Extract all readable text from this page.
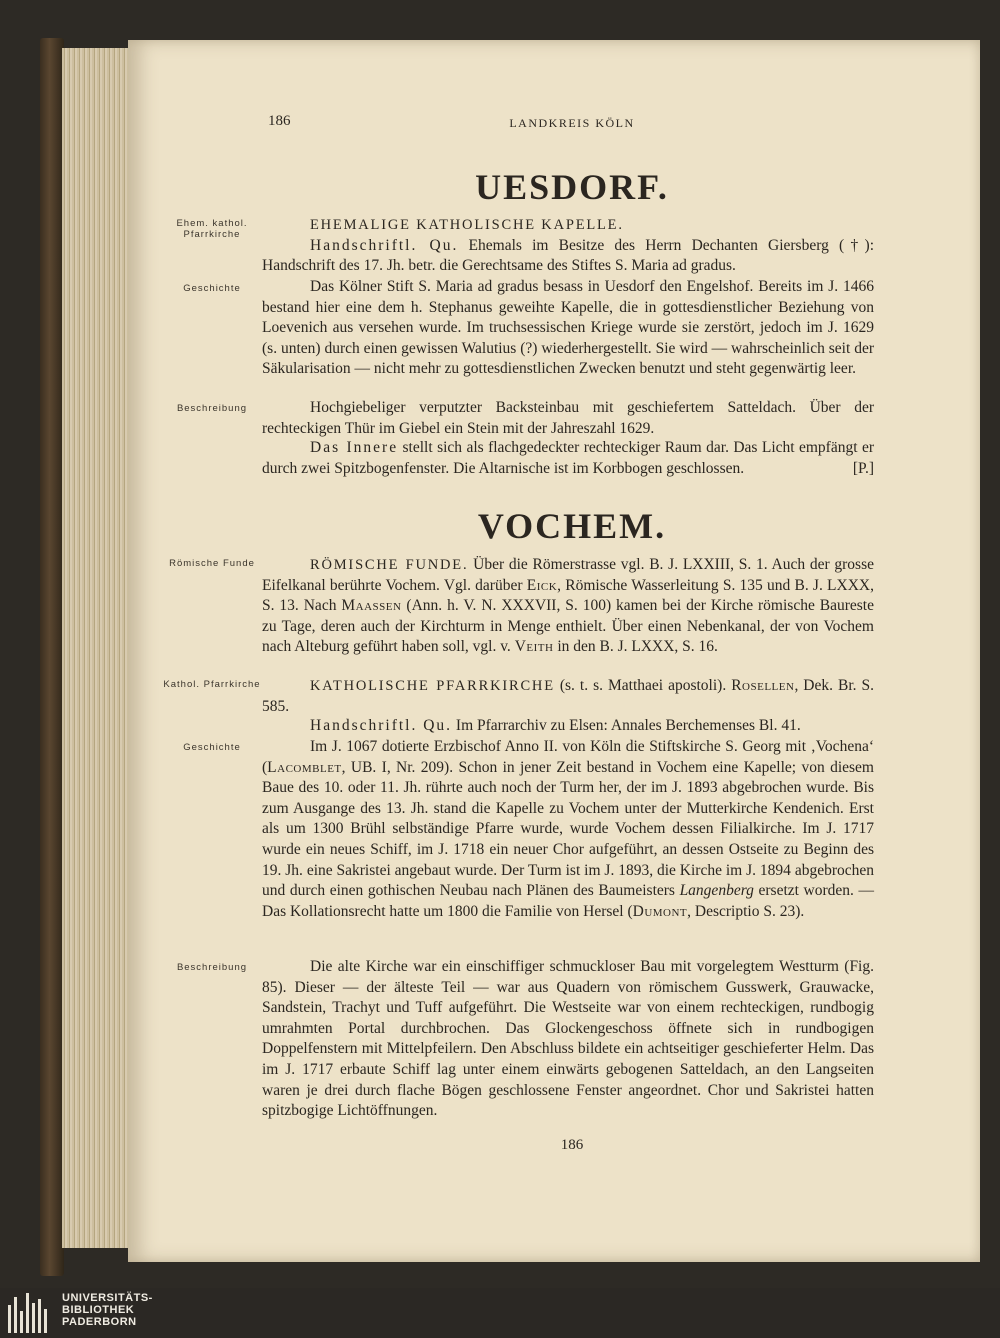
186	LANDKREIS KÖLN
UESDORF.
Ehem. kathol. Pfarrkirche

EHEMALIGE KATHOLISCHE KAPELLE.
Handschriftl. Qu. Ehemals im Besitze des Herrn Dechanten Giersberg (†): Handschrift des 17. Jh. betr. die Gerechtsame des Stiftes S. Maria ad gradus.

Geschichte	Das Kölner Stift S. Maria ad gradus besass in Uesdorf den Engelshof. Bereits im J. 1466 bestand hier eine dem h. Stephanus geweihte Kapelle, die in gottesdienstlicher Beziehung von Loevenich aus versehen wurde. Im truchsessischen Kriege wurde sie zerstört, jedoch im J. 1629 (s. unten) durch einen gewissen Walutius (?) wiederhergestellt. Sie wird — wahrscheinlich seit der Säkularisation — nicht mehr zu gottesdienstlichen Zwecken benutzt und steht gegenwärtig leer.

Beschreibung	Hochgiebeliger verputzter Backsteinbau mit geschiefertem Satteldach. Über der rechteckigen Thür im Giebel ein Stein mit der Jahreszahl 1629.

Das Innere stellt sich als flachgedeckter rechteckiger Raum dar. Das Licht empfängt er durch zwei Spitzbogenfenster. Die Altarnische ist im Korbbogen geschlossen.	[P.]

VOCHEM.
Römische Funde	RÖMISCHE FUNDE. Über die Römerstrasse vgl. B. J. LXXIII, S. 1. Auch der grosse Eifelkanal berührte Vochem. Vgl. darüber Eick, Römische Wasserleitung S. 135 und B. J. LXXX, S. 13. Nach Maassen (Ann. h. V. N. XXXVII, S. 100) kamen bei der Kirche römische Baureste zu Tage, deren auch der Kirchturm in Menge enthielt. Über einen Nebenkanal, der von Vochem nach Alteburg geführt haben soll, vgl. v. Veith in den B. J. LXXX, S. 16.

Kathol. Pfarrkirche	KATHOLISCHE PFARRKIRCHE (s. t. s. Matthaei apostoli). Rosellen, Dek. Br. S. 585.

Handschriftl. Qu. Im Pfarrarchiv zu Elsen: Annales Berchemenses Bl. 41.

Geschichte	Im J. 1067 dotierte Erzbischof Anno II. von Köln die Stiftskirche S. Georg mit ‚Vochena‘ (Lacomblet, UB. I, Nr. 209). Schon in jener Zeit bestand in Vochem eine Kapelle; von diesem Baue des 10. oder 11. Jh. rührte auch noch der Turm her, der im J. 1893 abgebrochen wurde. Bis zum Ausgange des 13. Jh. stand die Kapelle zu Vochem unter der Mutterkirche Kendenich. Erst als um 1300 Brühl selbständige Pfarre wurde, wurde Vochem dessen Filialkirche. Im J. 1717 wurde ein neues Schiff, im J. 1718 ein neuer Chor aufgeführt, an dessen Ostseite zu Beginn des 19. Jh. eine Sakristei angebaut wurde. Der Turm ist im J. 1893, die Kirche im J. 1894 abgebrochen und durch einen gothischen Neubau nach Plänen des Baumeisters Langenberg ersetzt worden. — Das Kollationsrecht hatte um 1800 die Familie von Hersel (Dumont, Descriptio S. 23).

Beschreibung	Die alte Kirche war ein einschiffiger schmuckloser Bau mit vorgelegtem Westturm (Fig. 85). Dieser — der älteste Teil — war aus Quadern von römischem Gusswerk, Grauwacke, Sandstein, Trachyt und Tuff aufgeführt. Die Westseite war von einem rechteckigen, rundbogig umrahmten Portal durchbrochen. Das Glockengeschoss öffnete sich in rundbogigen Doppelfenstern mit Mittelpfeilern. Den Abschluss bildete ein achtseitiger geschieferter Helm. Das im J. 1717 erbaute Schiff lag unter einem einwärts gebogenen Satteldach, an den Langseiten waren je drei durch flache Bögen geschlossene Fenster angeordnet. Chor und Sakristei hatten spitzbogige Lichtöffnungen.

186
UNIVERSITÄTS-
BIBLIOTHEK
PADERBORN
